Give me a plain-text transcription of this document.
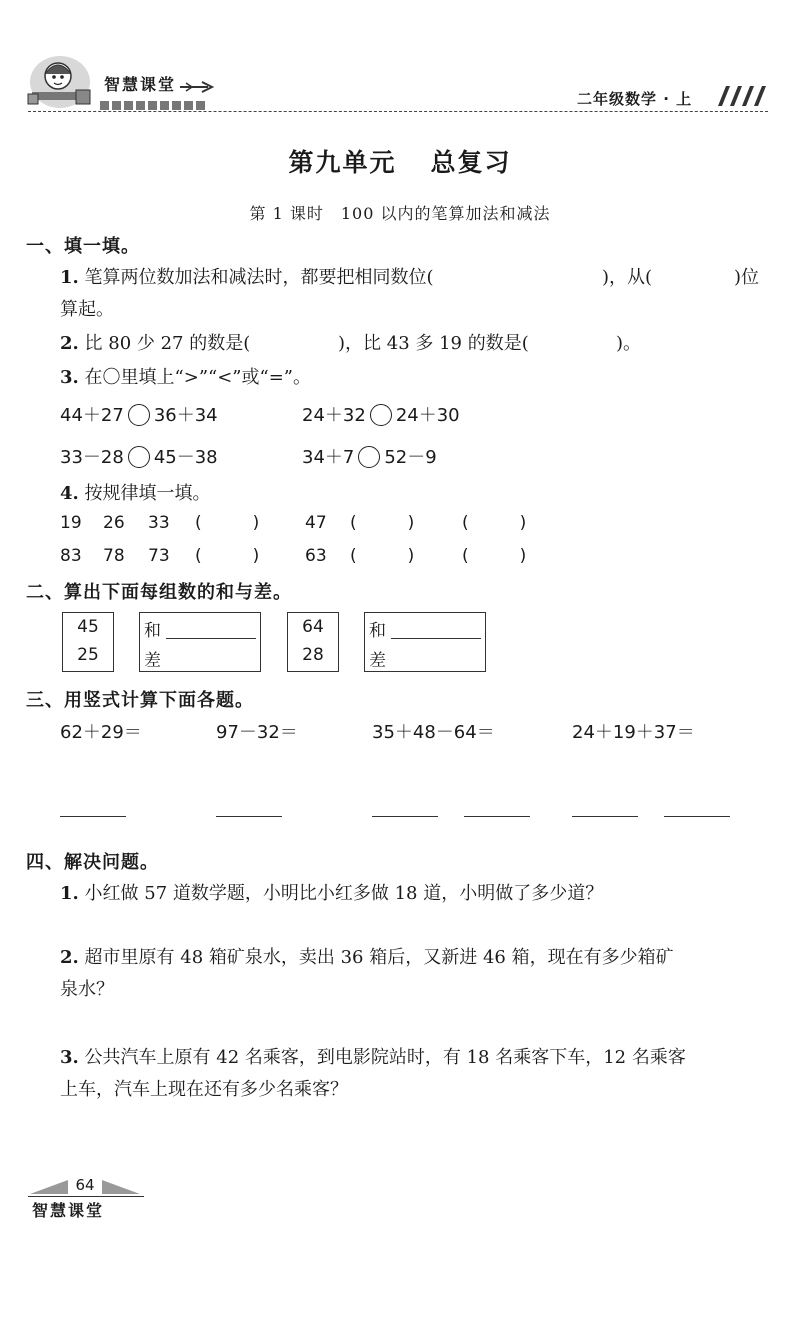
智慧课堂
二年级数学 · 上
第九单元 总复习
第 1 课时　100 以内的笔算加法和减法
一、填一填。
1. 笔算两位数加法和减法时，都要把相同数位(	)，从(	)位
算起。
2. 比 80 少 27 的数是(	)，比 43 多 19 的数是(	)。
3. 在〇里填上“>”“<”或“=”。
44＋27 36＋34	24＋32 24＋30
33－28 45－38	34＋7 52－9
4. 按规律填一填。
19 26 33 (   )	47 (   )	(   )
83 78 73 (   )	63 (   )	(   )
二、算出下面每组数的和与差。
45
25
和
差
64
28
和
差
三、用竖式计算下面各题。
62＋29＝	97－32＝	35＋48－64＝	24＋19＋37＝
四、解决问题。
1. 小红做 57 道数学题，小明比小红多做 18 道，小明做了多少道？
2. 超市里原有 48 箱矿泉水，卖出 36 箱后，又新进 46 箱，现在有多少箱矿
泉水？
3. 公共汽车上原有 42 名乘客，到电影院站时，有 18 名乘客下车，12 名乘客
上车，汽车上现在还有多少名乘客？
64
智慧课堂
